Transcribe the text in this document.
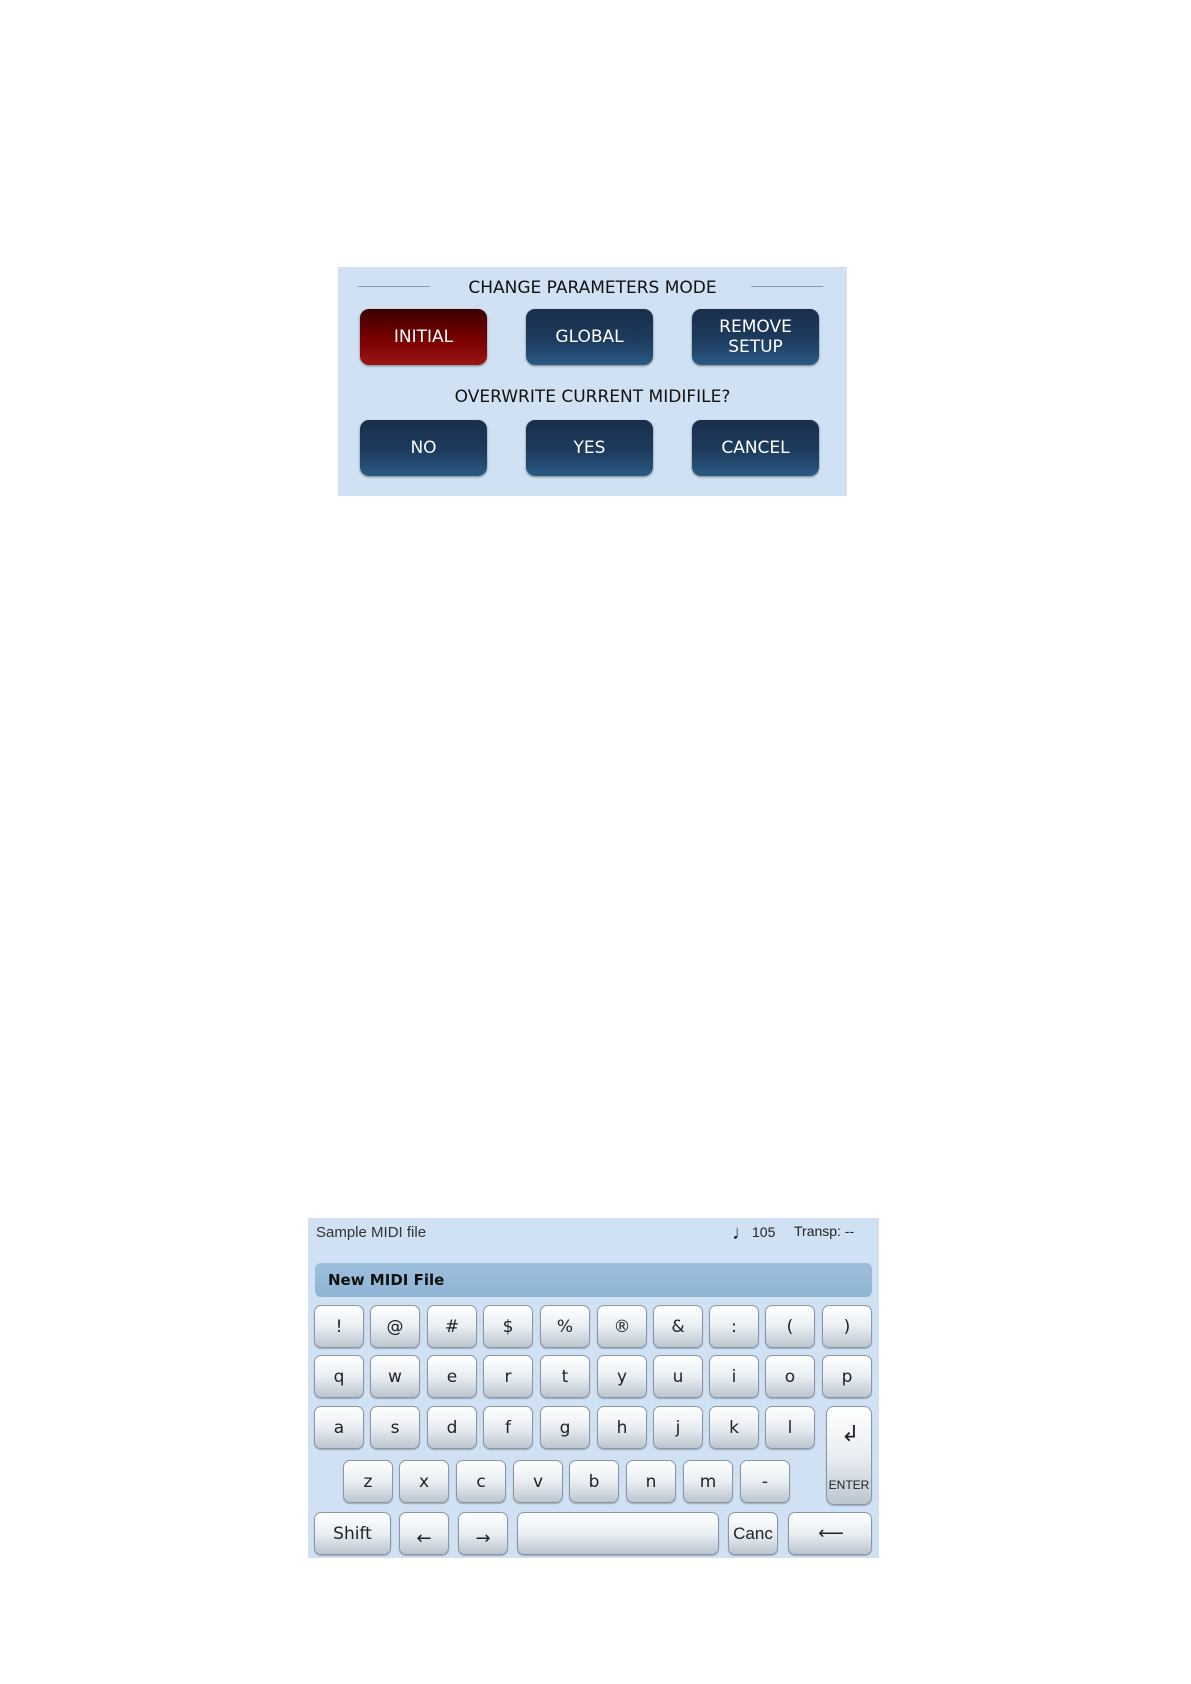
CHANGE PARAMETERS MODE
INITIAL	GLOBAL	REMOVE SETUP
OVERWRITE CURRENT MIDIFILE?
NO	YES	CANCEL
Sample MIDI file	♩105 Transp: --
New MIDI File
!	@	#	$	%	®	&	:	(	)
q	w	e	r	t	y	u	i	o	p
a	s	d	f	g	h	j	k	l	↲
ENTER
z	x	c	v	b	n	m	-
Shift	← →	Canc	⟵
